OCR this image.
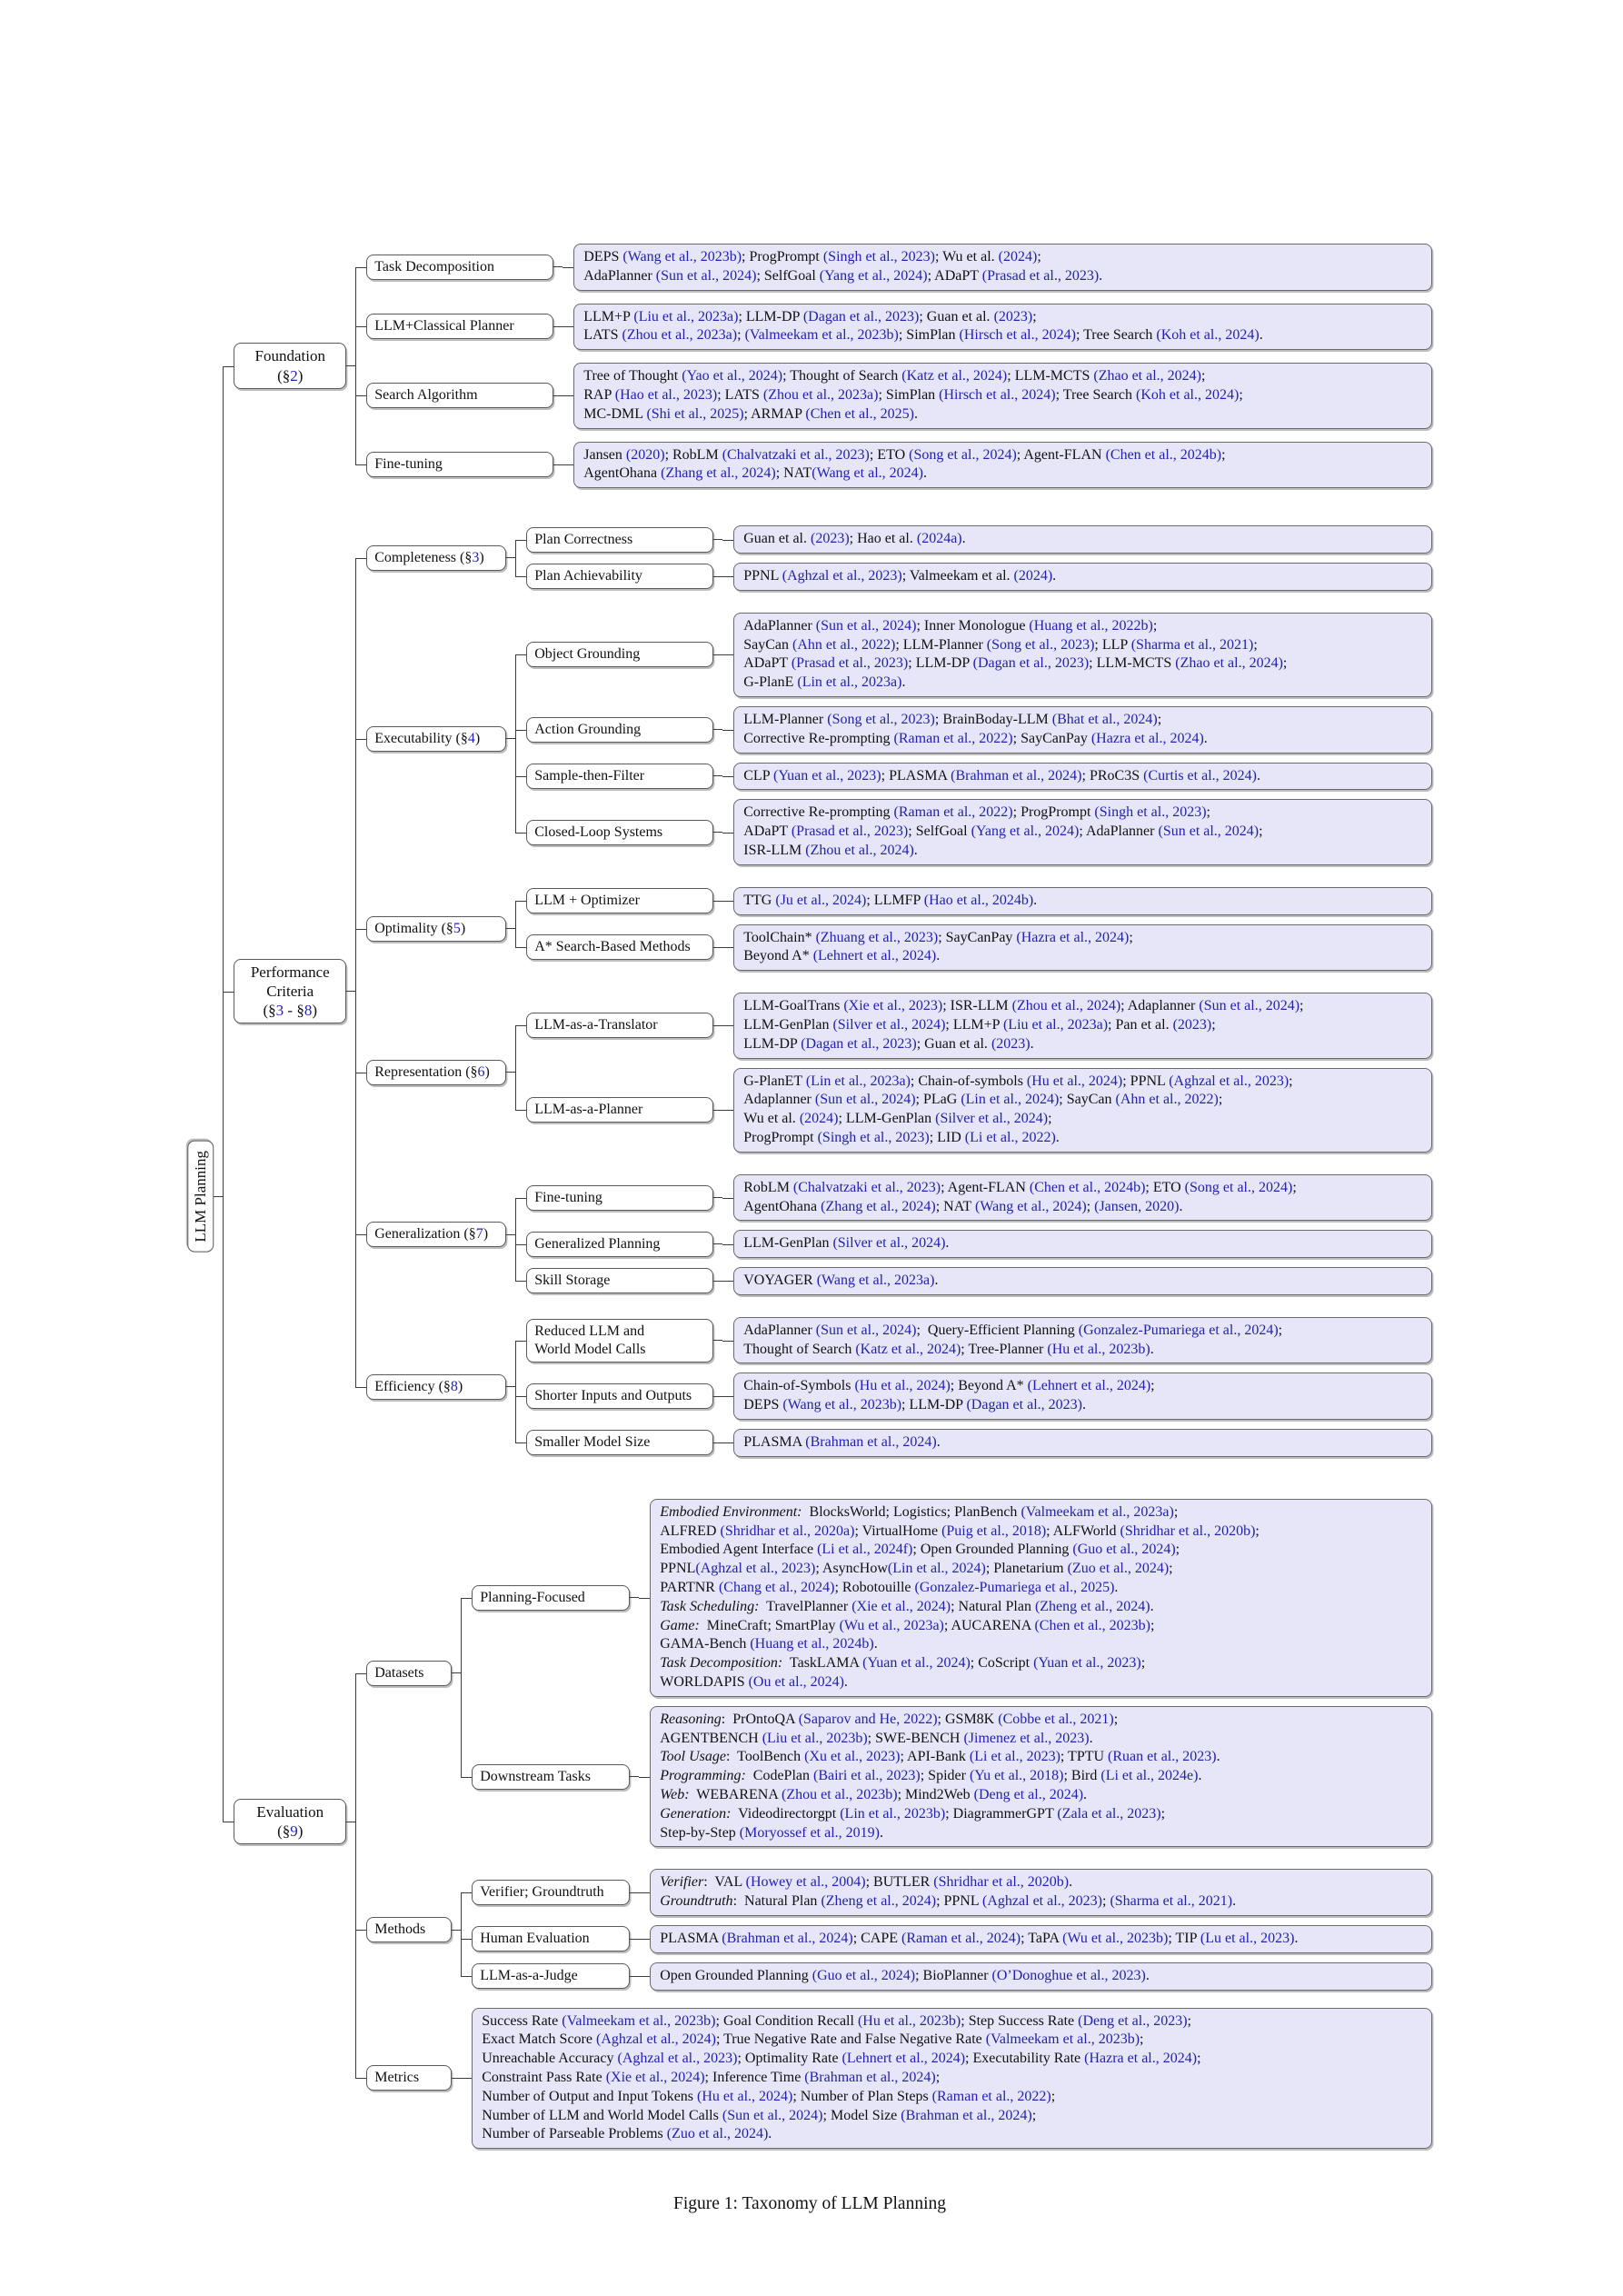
LLM Planning
Foundation
(§2)
Task Decomposition
DEPS (Wang et al., 2023b); ProgPrompt (Singh et al., 2023); Wu et al. (2024);
AdaPlanner (Sun et al., 2024); SelfGoal (Yang et al., 2024); ADaPT (Prasad et al., 2023).
LLM+Classical Planner
LLM+P (Liu et al., 2023a); LLM-DP (Dagan et al., 2023); Guan et al. (2023);
LATS (Zhou et al., 2023a); (Valmeekam et al., 2023b); SimPlan (Hirsch et al., 2024); Tree Search (Koh et al., 2024).
Search Algorithm
Tree of Thought (Yao et al., 2024); Thought of Search (Katz et al., 2024); LLM-MCTS (Zhao et al., 2024);
RAP (Hao et al., 2023); LATS (Zhou et al., 2023a); SimPlan (Hirsch et al., 2024); Tree Search (Koh et al., 2024);
MC-DML (Shi et al., 2025); ARMAP (Chen et al., 2025).
Fine-tuning
Jansen (2020); RobLM (Chalvatzaki et al., 2023); ETO (Song et al., 2024); Agent-FLAN (Chen et al., 2024b);
AgentOhana (Zhang et al., 2024); NAT(Wang et al., 2024).
Performance
Criteria
(§3 - §8)
Completeness (§3)
Plan Correctness	Guan et al. (2023); Hao et al. (2024a).
Plan Achievability	PPNL (Aghzal et al., 2023); Valmeekam et al. (2024).
Executability (§4)
Object Grounding
AdaPlanner (Sun et al., 2024); Inner Monologue (Huang et al., 2022b);
SayCan (Ahn et al., 2022); LLM-Planner (Song et al., 2023); LLP (Sharma et al., 2021);
ADaPT (Prasad et al., 2023); LLM-DP (Dagan et al., 2023); LLM-MCTS (Zhao et al., 2024);
G-PlanE (Lin et al., 2023a).
Action Grounding
LLM-Planner (Song et al., 2023); BrainBoday-LLM (Bhat et al., 2024);
Corrective Re-prompting (Raman et al., 2022); SayCanPay (Hazra et al., 2024).
Sample-then-Filter	CLP (Yuan et al., 2023); PLASMA (Brahman et al., 2024); PRoC3S (Curtis et al., 2024).
Closed-Loop Systems
Corrective Re-prompting (Raman et al., 2022); ProgPrompt (Singh et al., 2023);
ADaPT (Prasad et al., 2023); SelfGoal (Yang et al., 2024); AdaPlanner (Sun et al., 2024);
ISR-LLM (Zhou et al., 2024).
Optimality (§5)
LLM + Optimizer	TTG (Ju et al., 2024); LLMFP (Hao et al., 2024b).
A* Search-Based Methods
ToolChain* (Zhuang et al., 2023); SayCanPay (Hazra et al., 2024);
Beyond A* (Lehnert et al., 2024).
Representation (§6)
LLM-as-a-Translator
LLM-GoalTrans (Xie et al., 2023); ISR-LLM (Zhou et al., 2024); Adaplanner (Sun et al., 2024);
LLM-GenPlan (Silver et al., 2024); LLM+P (Liu et al., 2023a); Pan et al. (2023);
LLM-DP (Dagan et al., 2023); Guan et al. (2023).
LLM-as-a-Planner
G-PlanET (Lin et al., 2023a); Chain-of-symbols (Hu et al., 2024); PPNL (Aghzal et al., 2023);
Adaplanner (Sun et al., 2024); PLaG (Lin et al., 2024); SayCan (Ahn et al., 2022);
Wu et al. (2024); LLM-GenPlan (Silver et al., 2024);
ProgPrompt (Singh et al., 2023); LID (Li et al., 2022).
Generalization (§7)
Fine-tuning
RobLM (Chalvatzaki et al., 2023); Agent-FLAN (Chen et al., 2024b); ETO (Song et al., 2024);
AgentOhana (Zhang et al., 2024); NAT (Wang et al., 2024); (Jansen, 2020).
Generalized Planning	LLM-GenPlan (Silver et al., 2024).
Skill Storage	VOYAGER (Wang et al., 2023a).
Efficiency (§8)
Reduced LLM and
World Model Calls
AdaPlanner (Sun et al., 2024);  Query-Efficient Planning (Gonzalez-Pumariega et al., 2024);
Thought of Search (Katz et al., 2024); Tree-Planner (Hu et al., 2023b).
Shorter Inputs and Outputs
Chain-of-Symbols (Hu et al., 2024); Beyond A* (Lehnert et al., 2024);
DEPS (Wang et al., 2023b); LLM-DP (Dagan et al., 2023).
Smaller Model Size	PLASMA (Brahman et al., 2024).
Evaluation
(§9)
Datasets
Planning-Focused
Embodied Environment:  BlocksWorld; Logistics; PlanBench (Valmeekam et al., 2023a);
ALFRED (Shridhar et al., 2020a); VirtualHome (Puig et al., 2018); ALFWorld (Shridhar et al., 2020b);
Embodied Agent Interface (Li et al., 2024f); Open Grounded Planning (Guo et al., 2024);
PPNL(Aghzal et al., 2023); AsyncHow(Lin et al., 2024); Planetarium (Zuo et al., 2024);
PARTNR (Chang et al., 2024); Robotouille (Gonzalez-Pumariega et al., 2025).
Task Scheduling:  TravelPlanner (Xie et al., 2024); Natural Plan (Zheng et al., 2024).
Game:  MineCraft; SmartPlay (Wu et al., 2023a); AUCARENA (Chen et al., 2023b);
GAMA-Bench (Huang et al., 2024b).
Task Decomposition:  TaskLAMA (Yuan et al., 2024); CoScript (Yuan et al., 2023);
WORLDAPIS (Ou et al., 2024).
Downstream Tasks
Reasoning:  PrOntoQA (Saparov and He, 2022); GSM8K (Cobbe et al., 2021);
AGENTBENCH (Liu et al., 2023b); SWE-BENCH (Jimenez et al., 2023).
Tool Usage:  ToolBench (Xu et al., 2023); API-Bank (Li et al., 2023); TPTU (Ruan et al., 2023).
Programming:  CodePlan (Bairi et al., 2023); Spider (Yu et al., 2018); Bird (Li et al., 2024e).
Web:  WEBARENA (Zhou et al., 2023b); Mind2Web (Deng et al., 2024).
Generation:  Videodirectorgpt (Lin et al., 2023b); DiagrammerGPT (Zala et al., 2023);
Step-by-Step (Moryossef et al., 2019).
Methods
Verifier; Groundtruth
Verifier:  VAL (Howey et al., 2004); BUTLER (Shridhar et al., 2020b).
Groundtruth:  Natural Plan (Zheng et al., 2024); PPNL (Aghzal et al., 2023); (Sharma et al., 2021).
Human Evaluation	PLASMA (Brahman et al., 2024); CAPE (Raman et al., 2024); TaPA (Wu et al., 2023b); TIP (Lu et al., 2023).
LLM-as-a-Judge	Open Grounded Planning (Guo et al., 2024); BioPlanner (O’Donoghue et al., 2023).
Metrics
Success Rate (Valmeekam et al., 2023b); Goal Condition Recall (Hu et al., 2023b); Step Success Rate (Deng et al., 2023);
Exact Match Score (Aghzal et al., 2024); True Negative Rate and False Negative Rate (Valmeekam et al., 2023b);
Unreachable Accuracy (Aghzal et al., 2023); Optimality Rate (Lehnert et al., 2024); Executability Rate (Hazra et al., 2024);
Constraint Pass Rate (Xie et al., 2024); Inference Time (Brahman et al., 2024);
Number of Output and Input Tokens (Hu et al., 2024); Number of Plan Steps (Raman et al., 2022);
Number of LLM and World Model Calls (Sun et al., 2024); Model Size (Brahman et al., 2024);
Number of Parseable Problems (Zuo et al., 2024).
Figure 1: Taxonomy of LLM Planning
